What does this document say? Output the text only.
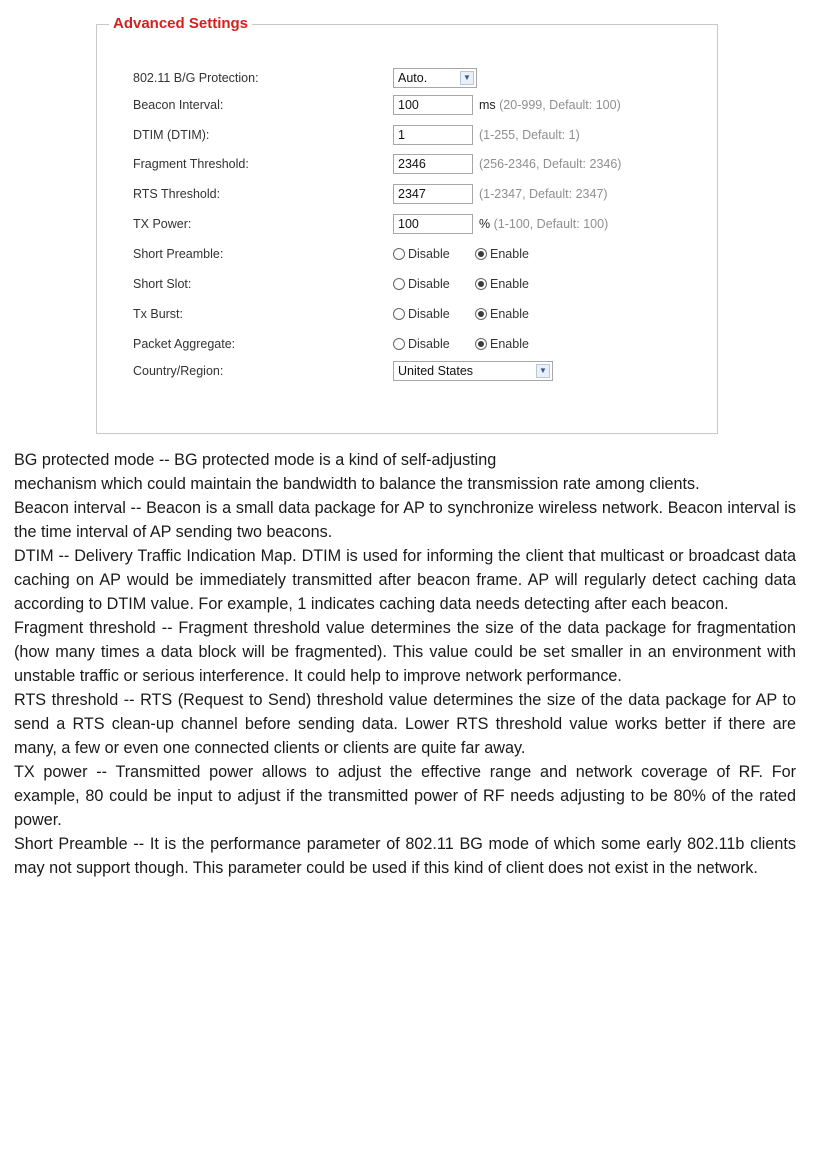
Advanced Settings
802.11 B/G Protection:	Auto.	▼
Beacon Interval:	100	ms (20-999, Default: 100)
DTIM (DTIM):	1	(1-255, Default: 1)
Fragment Threshold:	2346	(256-2346, Default: 2346)
RTS Threshold:	2347	(1-2347, Default: 2347)
TX Power:	100	% (1-100, Default: 100)
Short Preamble:	Disable	Enable
Short Slot:	Disable	Enable
Tx Burst:	Disable	Enable
Packet Aggregate:	Disable	Enable
Country/Region:	United States	▼

BG protected mode -- BG protected mode is a kind of self-adjusting

mechanism which could maintain the bandwidth to balance the transmission rate among clients.

Beacon interval -- Beacon is a small data package for AP to synchronize wireless network. Beacon interval is the time interval of AP sending two beacons.

DTIM -- Delivery Traffic Indication Map. DTIM is used for informing the client that multicast or broadcast data caching on AP would be immediately transmitted after beacon frame. AP will regularly detect caching data according to DTIM value. For example, 1 indicates caching data needs detecting after each beacon.

Fragment threshold -- Fragment threshold value determines the size of the data package for fragmentation (how many times a data block will be fragmented). This value could be set smaller in an environment with unstable traffic or serious interference. It could help to improve network performance.

RTS threshold -- RTS (Request to Send) threshold value determines the size of the data package for AP to send a RTS clean-up channel before sending data. Lower RTS threshold value works better if there are many, a few or even one connected clients or clients are quite far away.

TX power -- Transmitted power allows to adjust the effective range and network coverage of RF. For example, 80 could be input to adjust if the transmitted power of RF needs adjusting to be 80% of the rated power.

Short Preamble -- It is the performance parameter of 802.11 BG mode of which some early 802.11b clients may not support though. This parameter could be used if this kind of client does not exist in the network.
